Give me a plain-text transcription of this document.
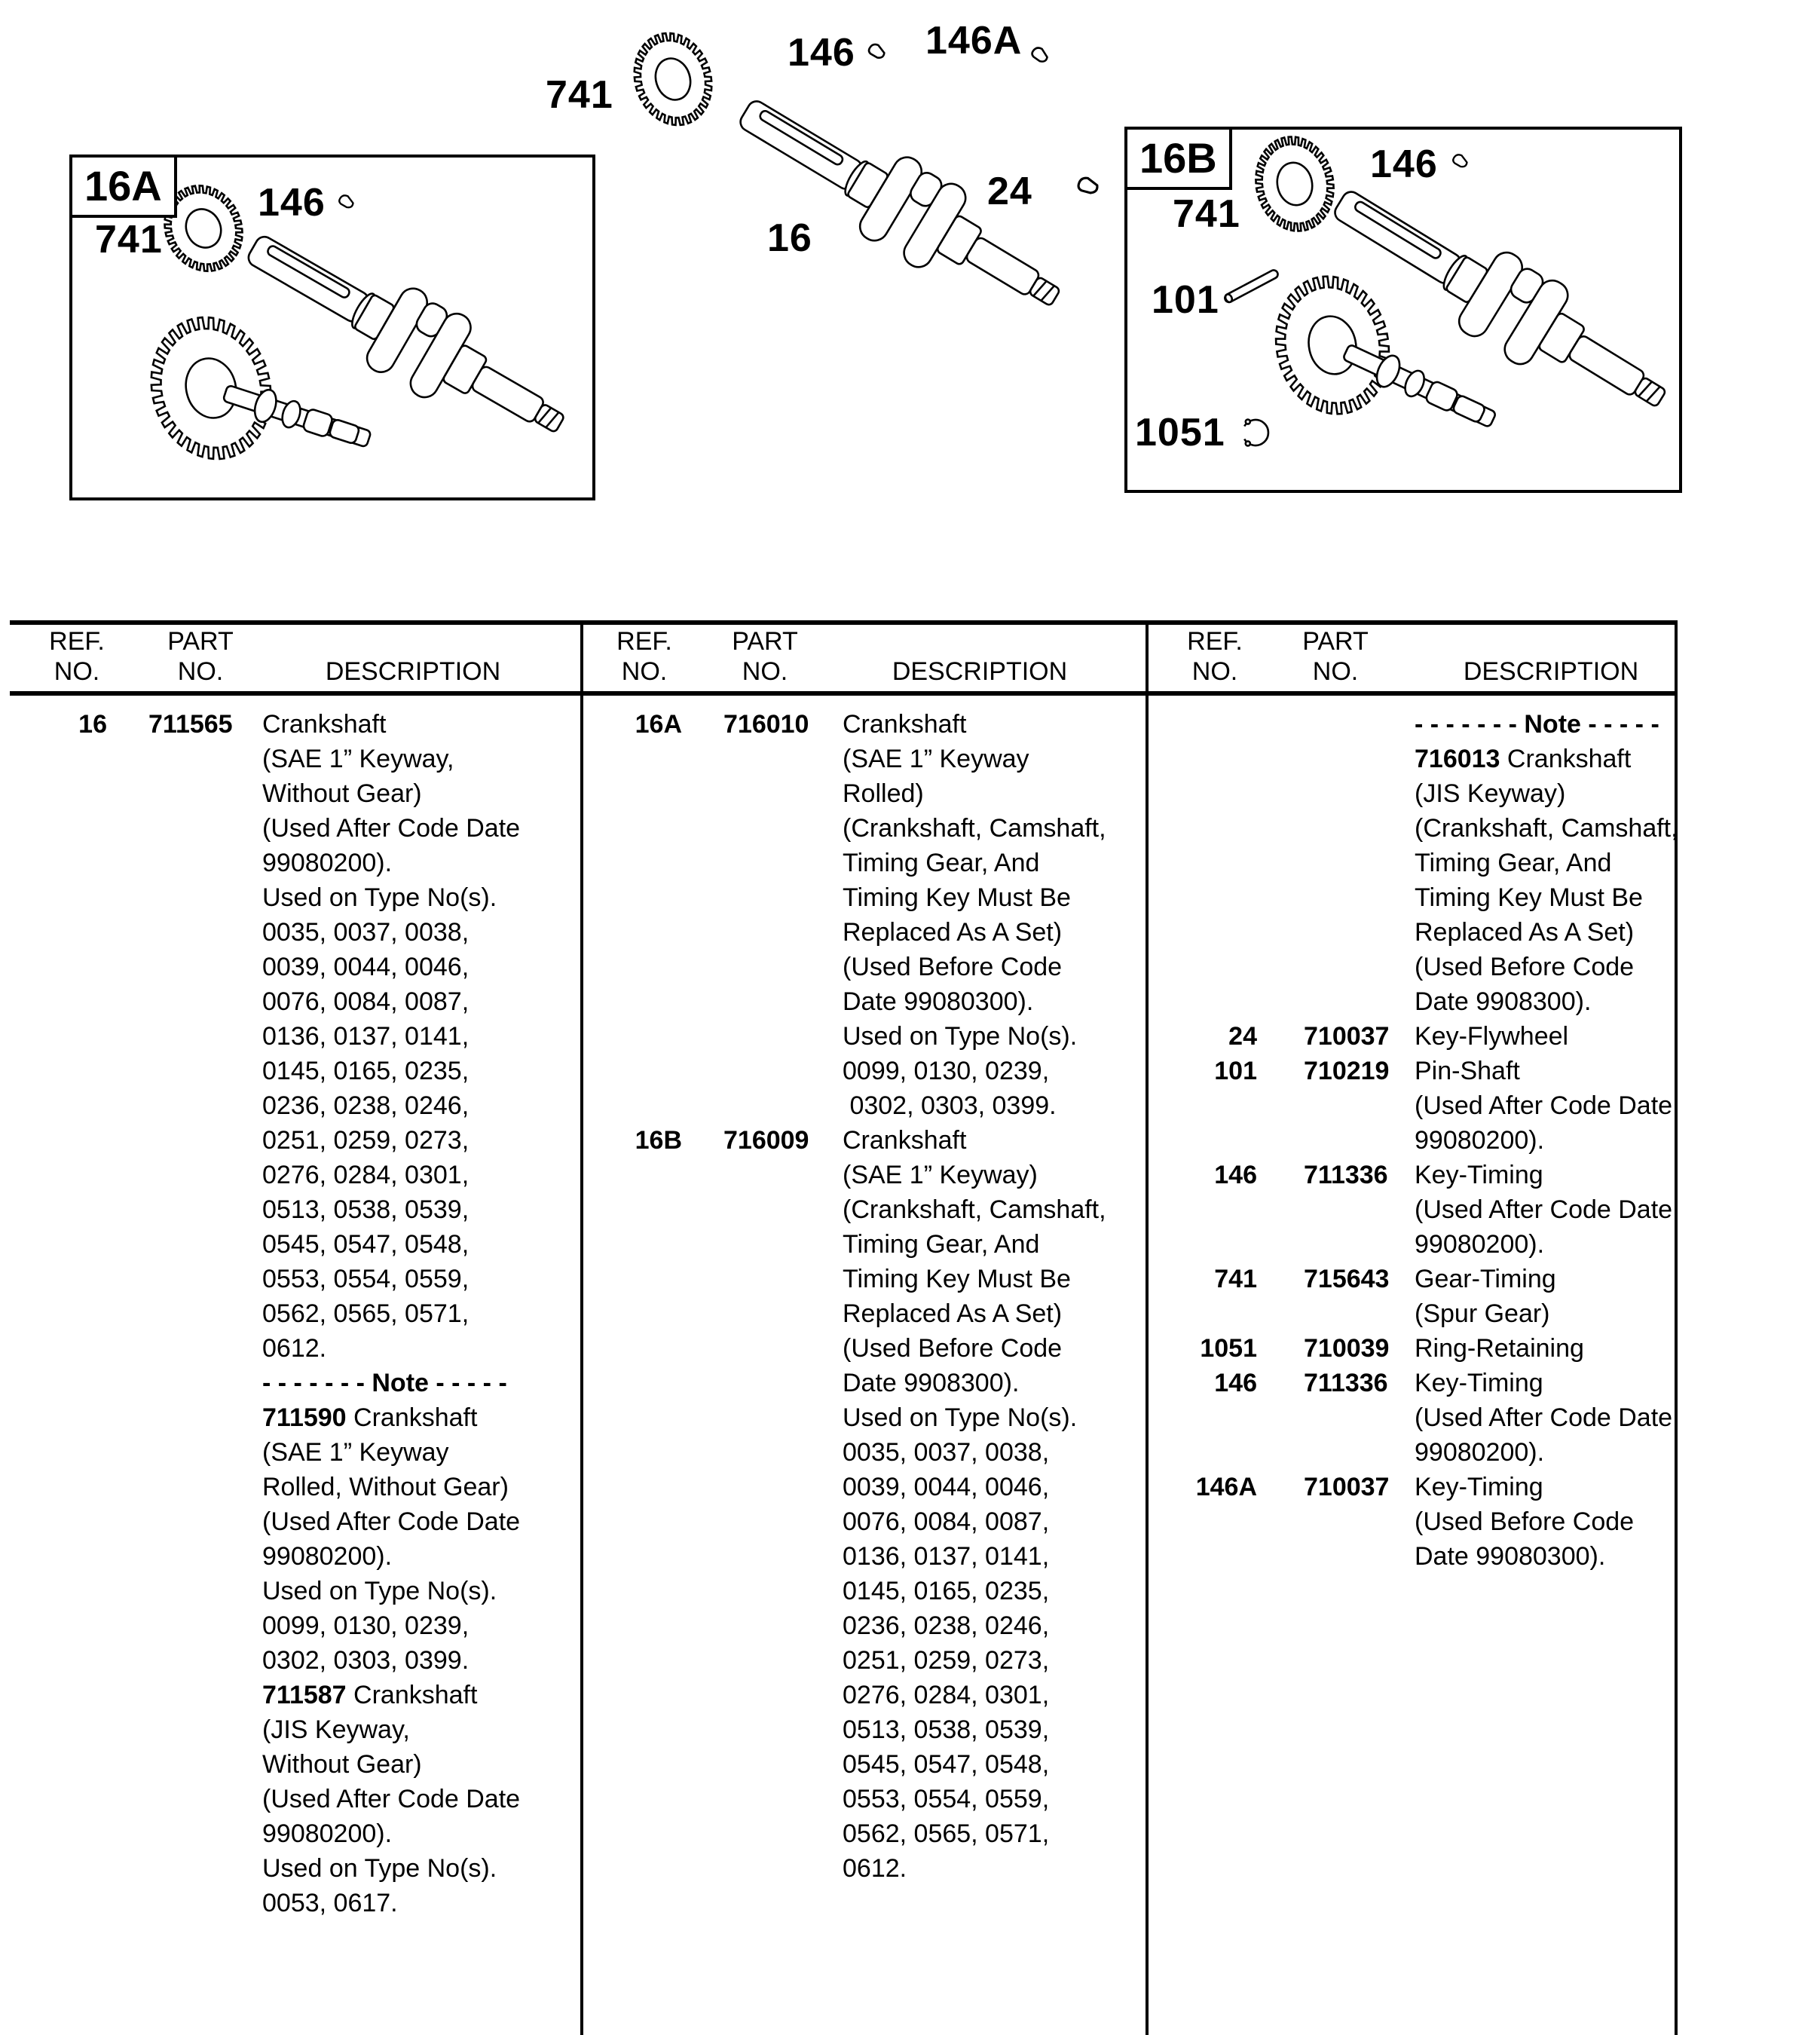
16A
16B
741
146 146A
16
24
741
146	741
146
101
1051
REF.
NO.
PART
NO.	DESCRIPTION
REF.
NO.
PART
NO.	DESCRIPTION
REF.
NO.
PART
NO.	DESCRIPTION
16	711565	Crankshaft
(SAE 1” Keyway,
Without Gear)
(Used After Code Date
99080200).
Used on Type No(s).
0035, 0037, 0038,
0039, 0044, 0046,
0076, 0084, 0087,
0136, 0137, 0141,
0145, 0165, 0235,
0236, 0238, 0246,
0251, 0259, 0273,
0276, 0284, 0301,
0513, 0538, 0539,
0545, 0547, 0548,
0553, 0554, 0559,
0562, 0565, 0571,
0612.
- - - - - - - Note - - - - -
711590 Crankshaft
(SAE 1” Keyway
Rolled, Without Gear)
(Used After Code Date
99080200).
Used on Type No(s).
0099, 0130, 0239,
0302, 0303, 0399.
711587 Crankshaft
(JIS Keyway,
Without Gear)
(Used After Code Date
99080200).
Used on Type No(s).
0053, 0617.
16A	716010	Crankshaft
(SAE 1” Keyway
Rolled)
(Crankshaft, Camshaft,
Timing Gear, And
Timing Key Must Be
Replaced As A Set)
(Used Before Code
Date 99080300).
Used on Type No(s).
0099, 0130, 0239,
0302, 0303, 0399.
16B	716009	Crankshaft
(SAE 1” Keyway)
(Crankshaft, Camshaft,
Timing Gear, And
Timing Key Must Be
Replaced As A Set)
(Used Before Code
Date 9908300).
Used on Type No(s).
0035, 0037, 0038,
0039, 0044, 0046,
0076, 0084, 0087,
0136, 0137, 0141,
0145, 0165, 0235,
0236, 0238, 0246,
0251, 0259, 0273,
0276, 0284, 0301,
0513, 0538, 0539,
0545, 0547, 0548,
0553, 0554, 0559,
0562, 0565, 0571,
0612.
- - - - - - - Note - - - - -
716013 Crankshaft
(JIS Keyway)
(Crankshaft, Camshaft,
Timing Gear, And
Timing Key Must Be
Replaced As A Set)
(Used Before Code
Date 9908300).
24	710037 Key-Flywheel
101	710219 Pin-Shaft
(Used After Code Date
99080200).
146	711336	Key-Timing
(Used After Code Date
99080200).
741	715643 Gear-Timing
(Spur Gear)
1051	710039 Ring-Retaining
146	711336	Key-Timing
(Used After Code Date
99080200).
146A	710037 Key-Timing
(Used Before Code
Date 99080300).
